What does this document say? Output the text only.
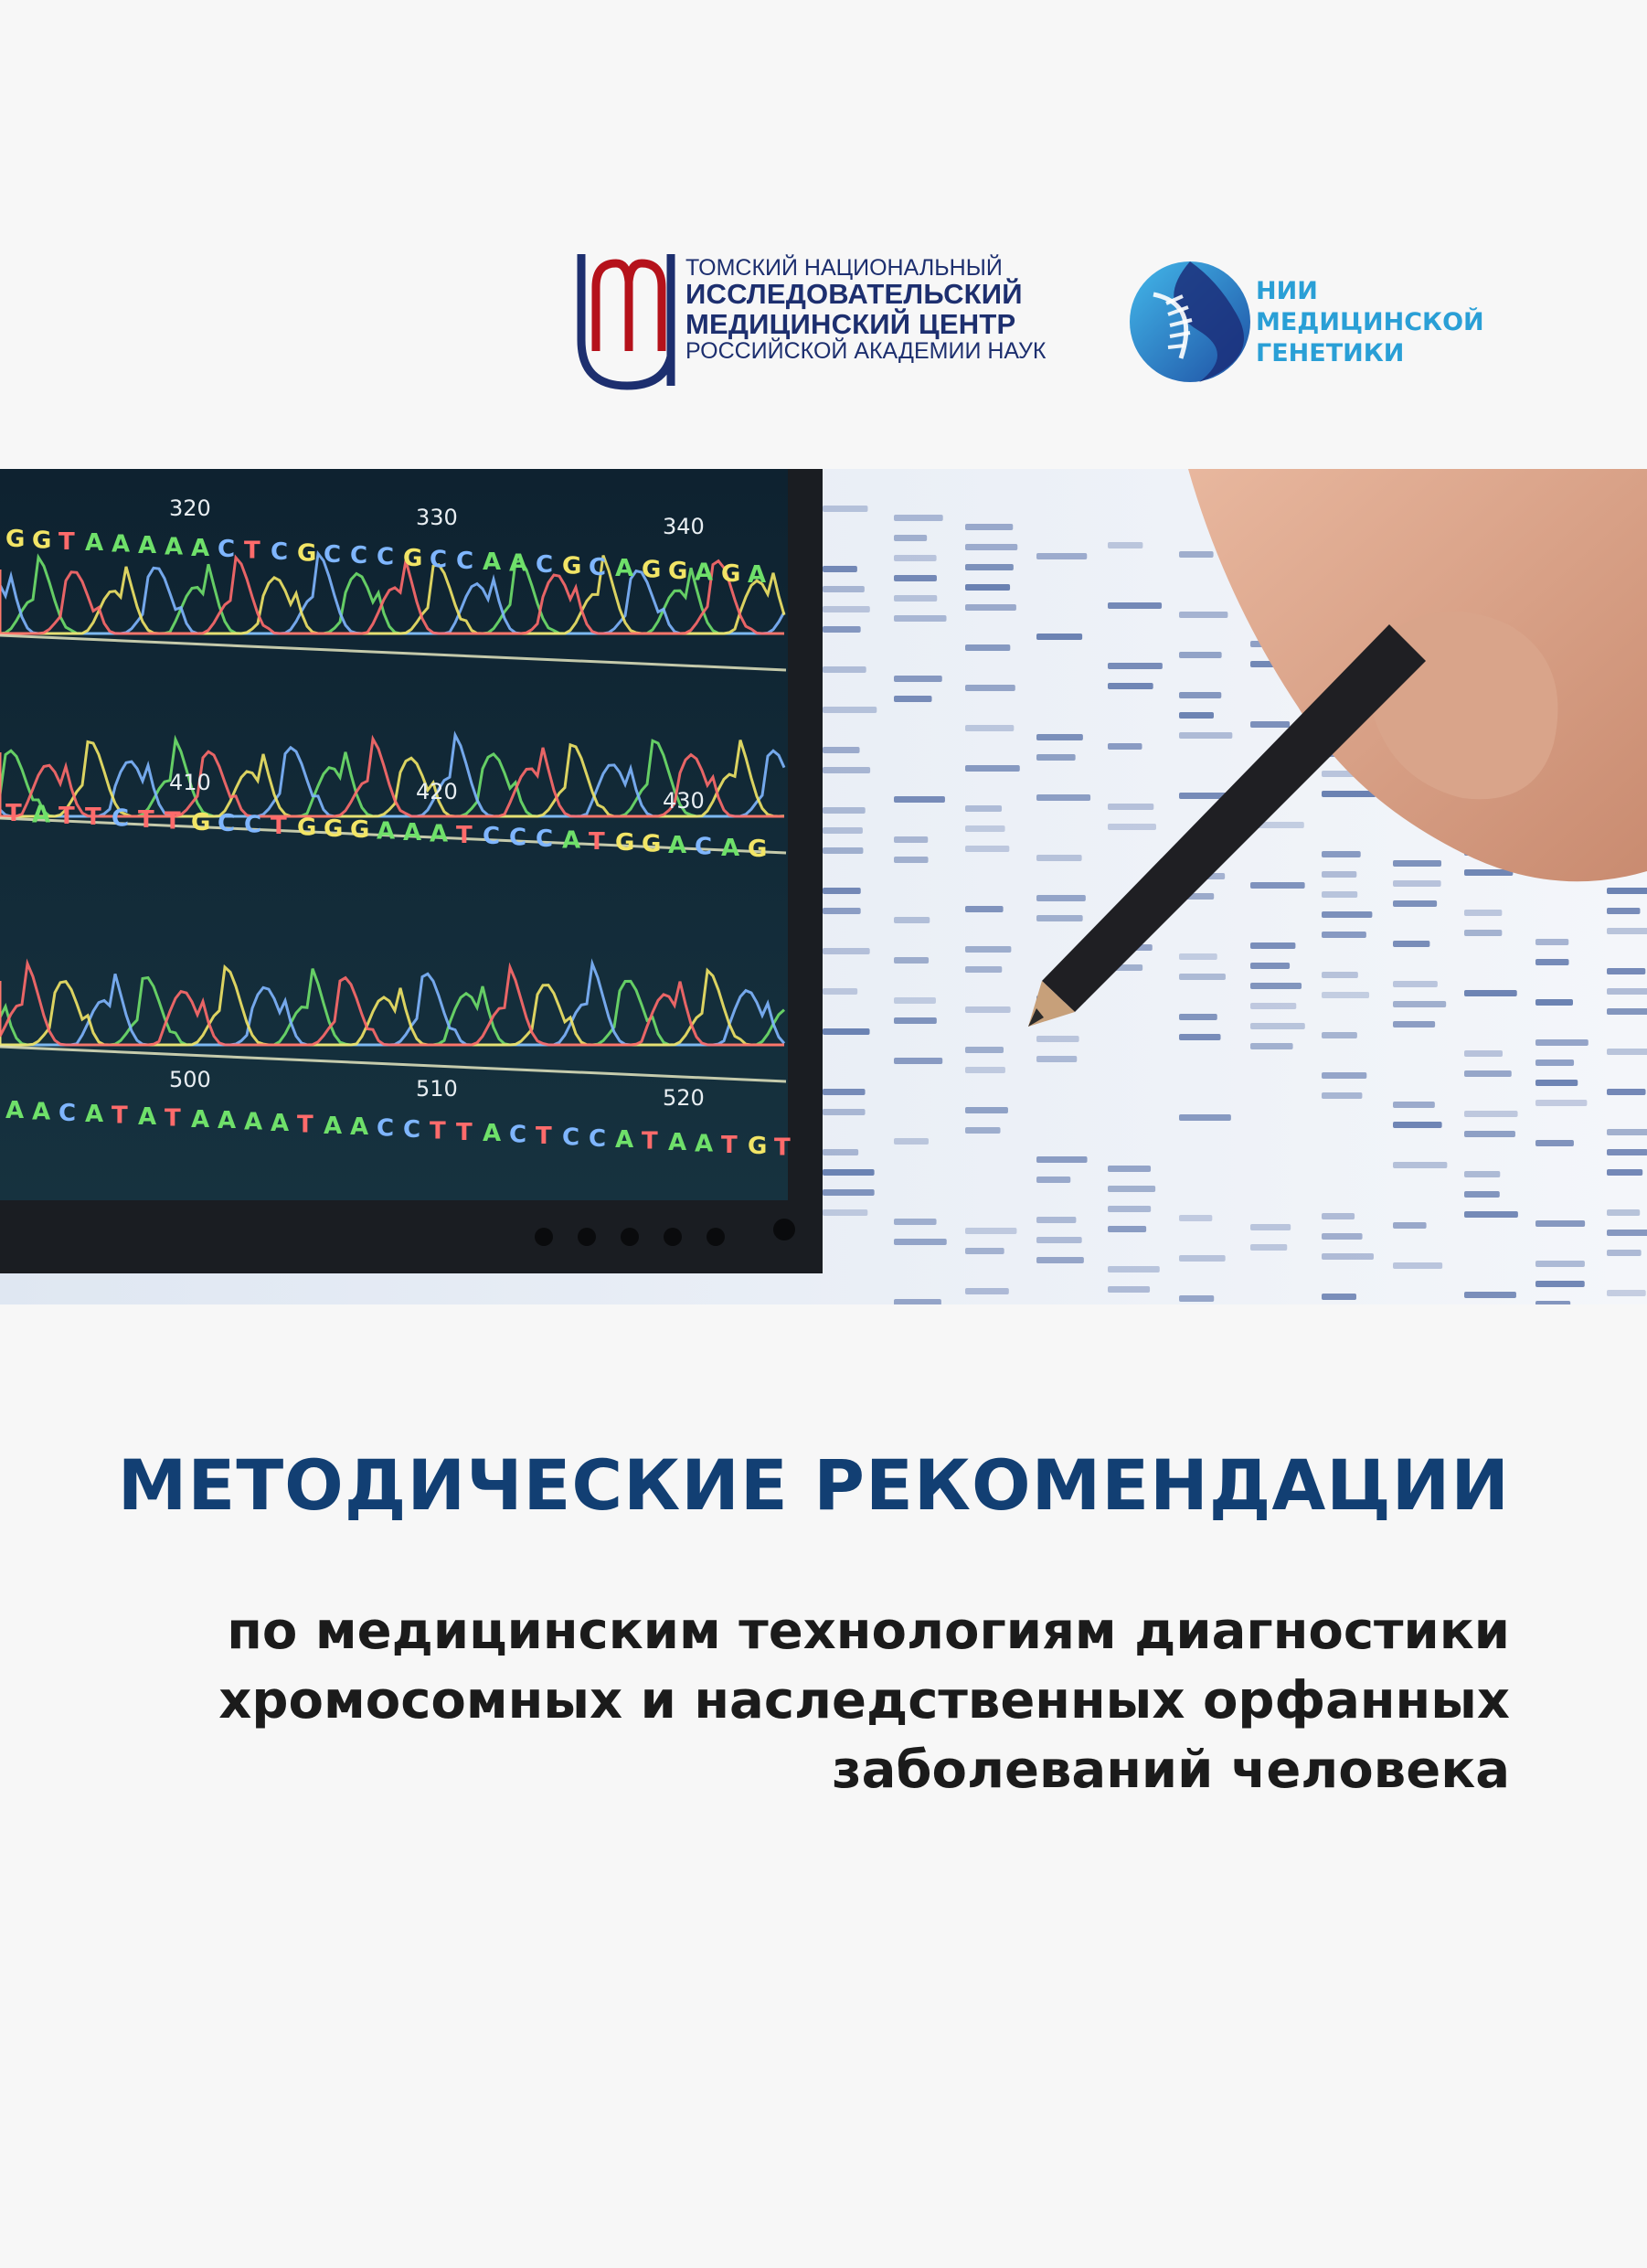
ТОМСКИЙ НАЦИОНАЛЬНЫЙ
ИССЛЕДОВАТЕЛЬСКИЙ
МЕДИЦИНСКИЙ ЦЕНТР
РОССИЙСКОЙ АКАДЕМИИ НАУК
НИИ
МЕДИЦИНСКОЙ
ГЕНЕТИКИ
G G T A A A A A C T C G C C C G C C A A C G C A G G A G A
320	330	340
T A T T C T T G C C T G G G A A A T C C C A T G G A C A G
410	420	430
A A C A T A T A A A A T A A C C T T A C T C C A T A A T G T
500	510	520
МЕТОДИЧЕСКИЕ РЕКОМЕНДАЦИИ
по медицинским технологиям диагностики
хромосомных и наследственных орфанных
заболеваний человека
